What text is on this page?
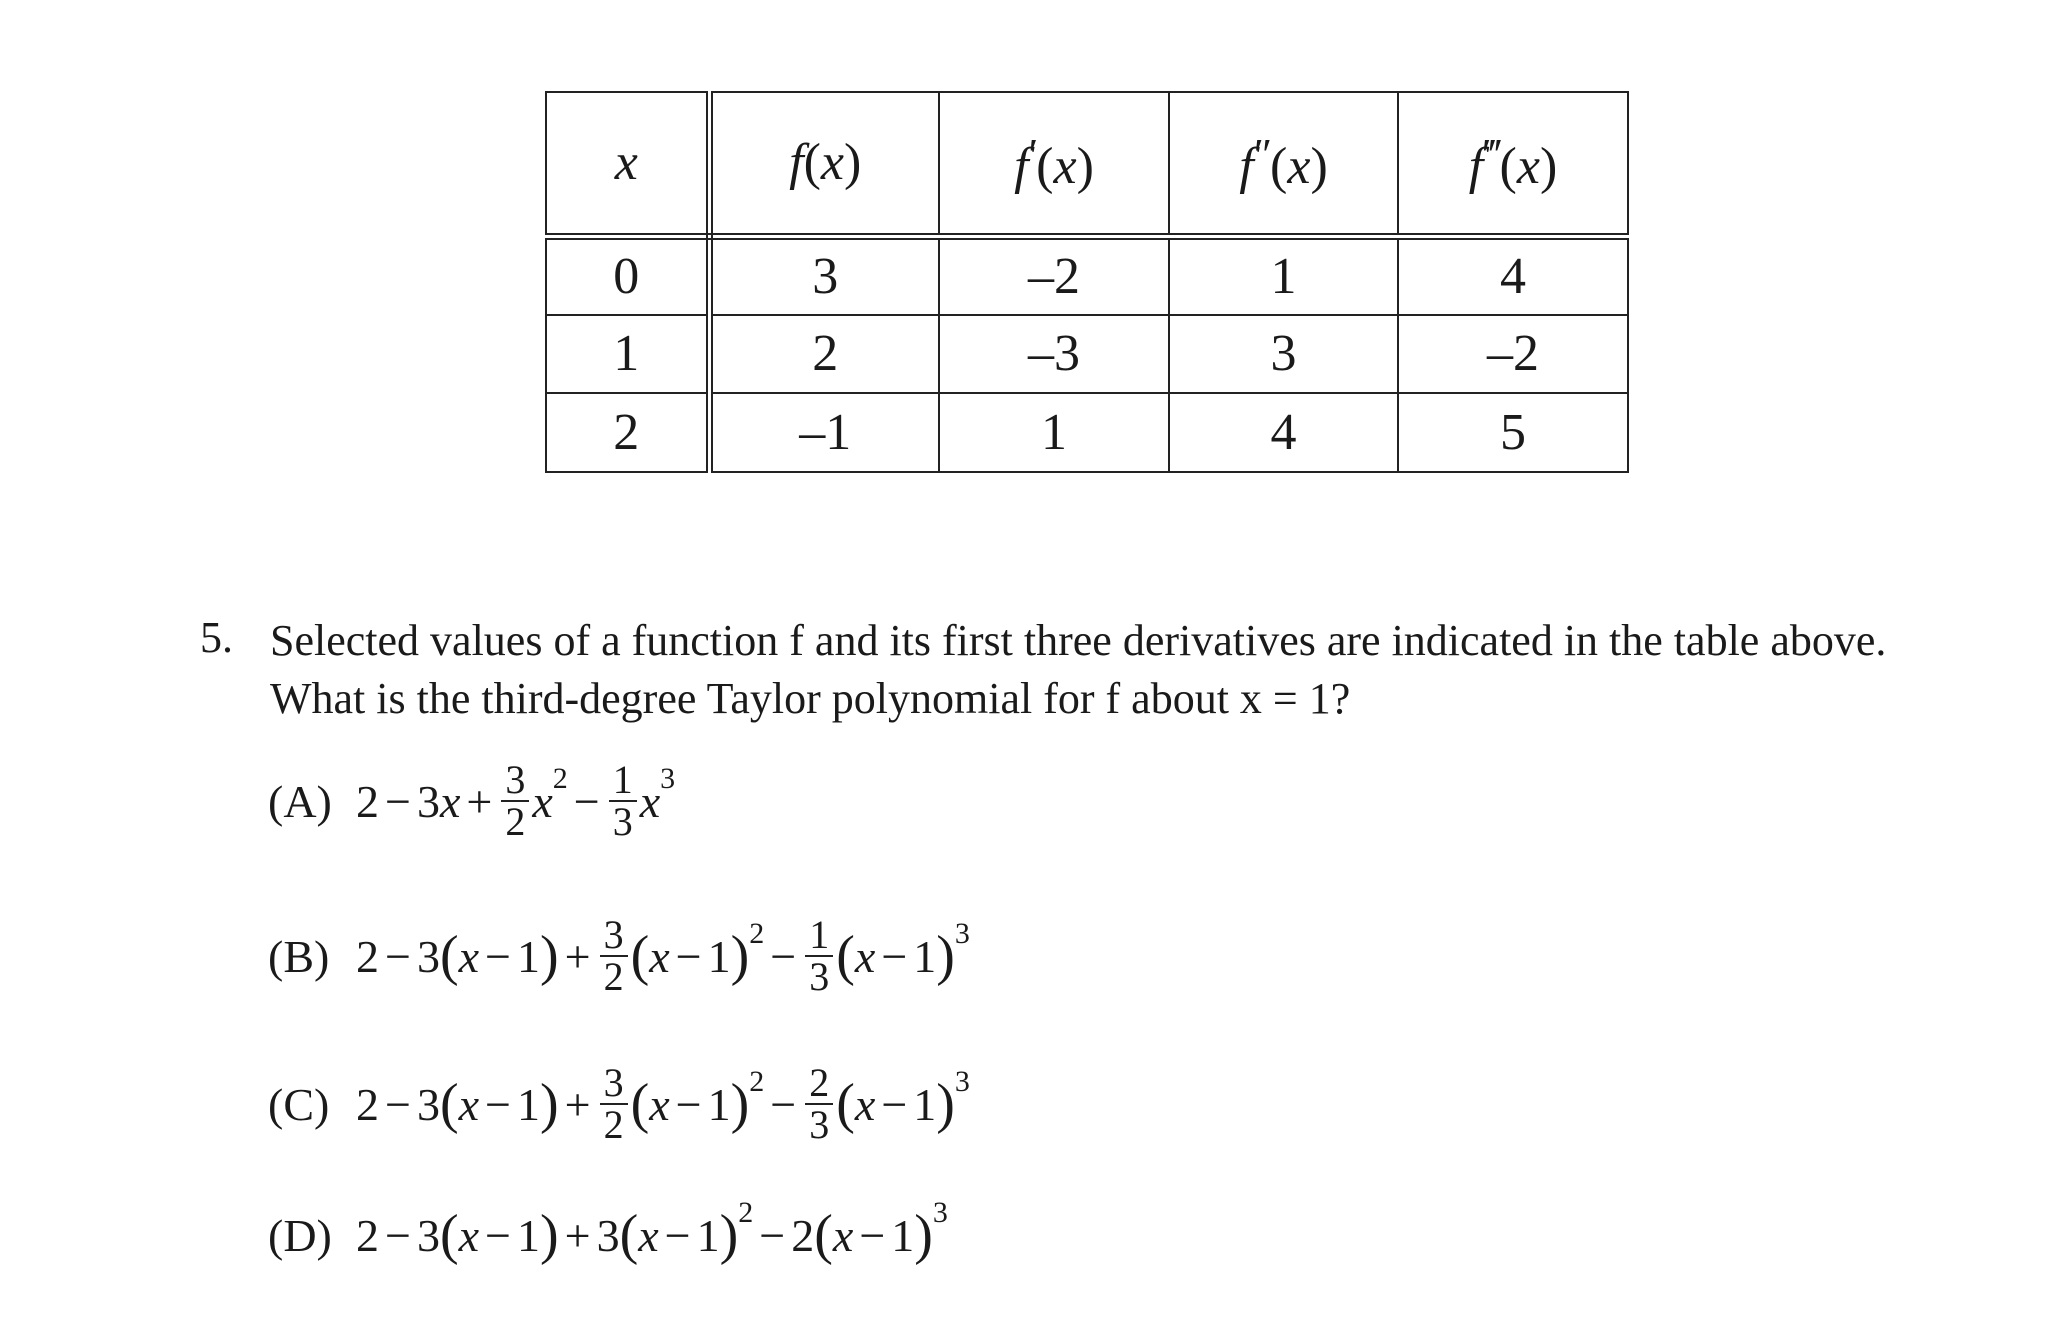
x	f(x)	f′(x)	f″(x)	f‴(x)
0	3	–2	1	4
1	2	–3	3	–2
2	–1	1	4	5
5. Selected values of a function f and its first three derivatives are indicated in the table above.
What is the third-degree Taylor polynomial for f about x = 1?
(A) 2 − 3 $x + \frac{3}{2}$ x $2 - \frac{1}{3}$ x 3
(B) 2 − 3 ( x − 1 ) + $\frac{3}{2}$ ( x − 1 ) $2 - \frac{1}{3}$ ( x − 1 ) 3
(C) 2 − 3 ( x − 1 ) + $\frac{3}{2}$ ( x − 1 ) $2 - \frac{2}{3}$ ( x − 1 ) 3
(D) 2 − 3 ( x − 1 ) + 3 ( x − 1 ) 2 − 2 ( x − 1 ) 3
